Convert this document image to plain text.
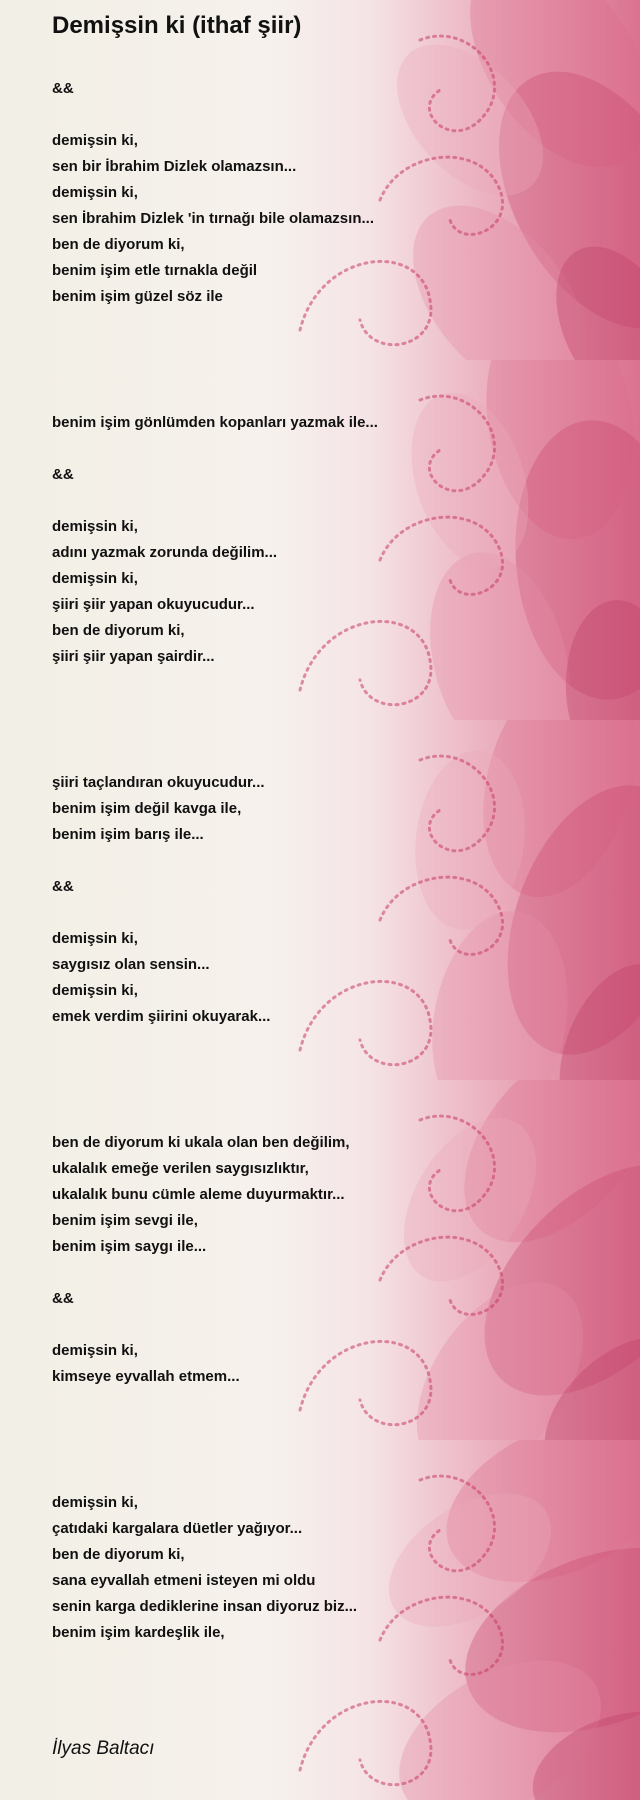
Demişsin ki (ithaf şiir)
&&
demişsin ki,
sen bir İbrahim Dizlek olamazsın...
demişsin ki,
sen İbrahim Dizlek 'in tırnağı bile olamazsın...
ben de diyorum ki,
benim işim etle tırnakla değil
benim işim güzel söz ile
benim işim gönlümden kopanları yazmak ile...
&&
demişsin ki,
adını yazmak zorunda değilim...
demişsin ki,
şiiri şiir yapan okuyucudur...
ben de diyorum ki,
şiiri şiir yapan şairdir...
şiiri taçlandıran okuyucudur...
benim işim değil kavga ile,
benim işim barış ile...
&&
demişsin ki,
saygısız olan sensin...
demişsin ki,
emek verdim şiirini okuyarak...
ben de diyorum ki ukala olan ben değilim,
ukalalık emeğe verilen saygısızlıktır,
ukalalık bunu cümle aleme duyurmaktır...
benim işim sevgi ile,
benim işim saygı ile...
&&
demişsin ki,
kimseye eyvallah etmem...
demişsin ki,
çatıdaki kargalara düetler yağıyor...
ben de diyorum ki,
sana eyvallah etmeni isteyen mi oldu
senin karga dediklerine insan diyoruz biz...
benim işim kardeşlik ile,
İlyas Baltacı
